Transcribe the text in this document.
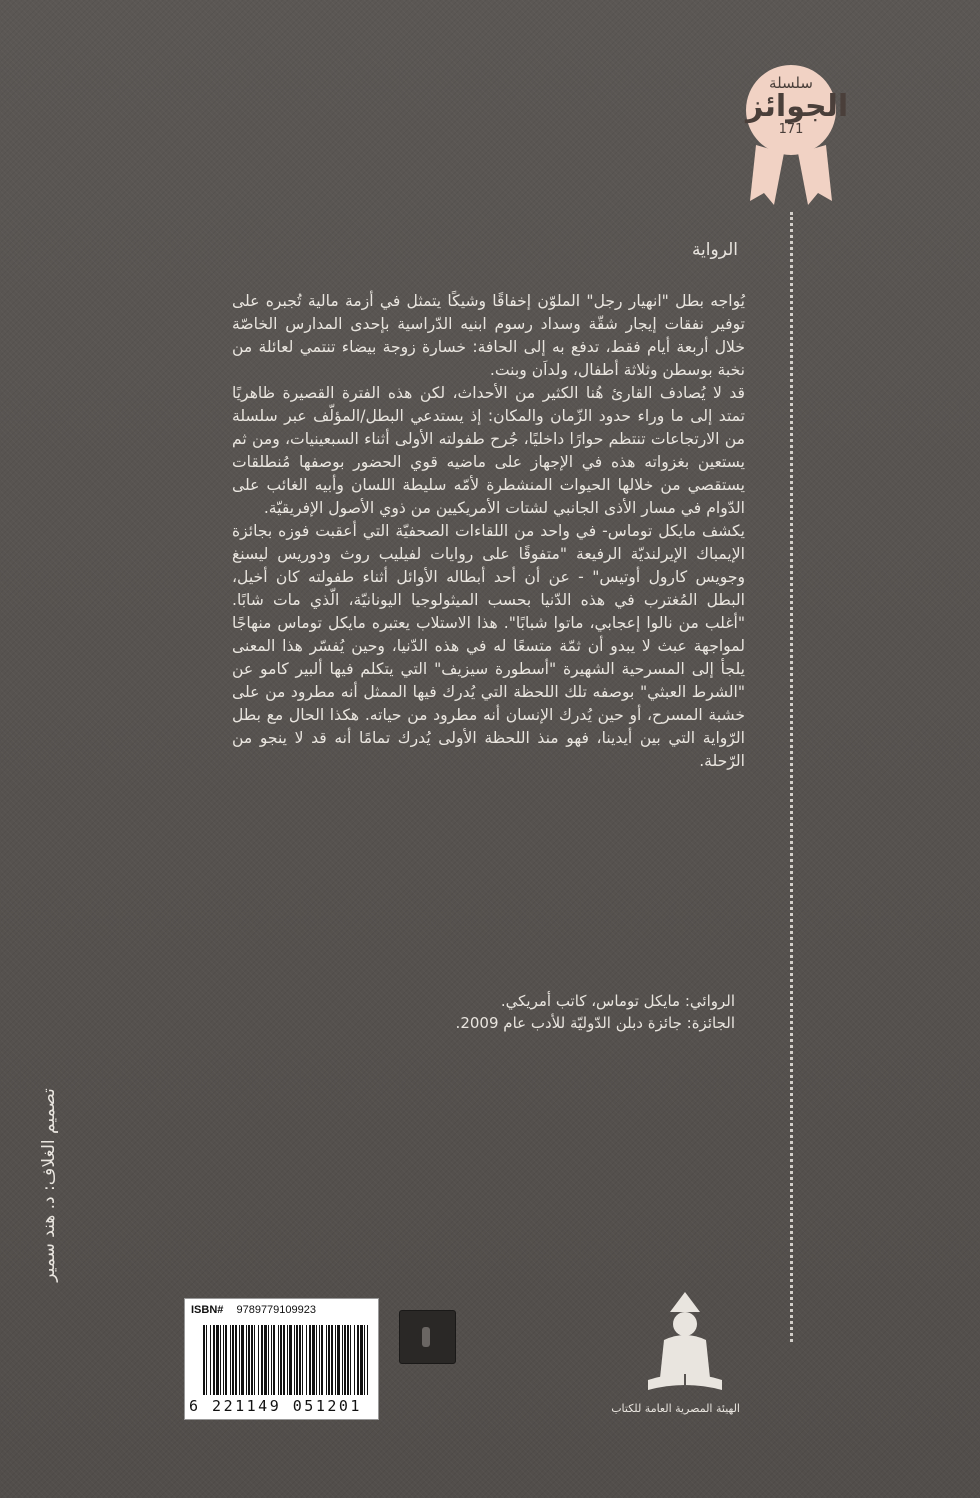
سلسلة
الجوائز
171
الرواية

يُواجه بطل "انهيار رجل" الملوّن إخفاقًا وشيكًا يتمثل في أزمة مالية تُجبره على توفير نفقات إيجار شقّة وسداد رسوم ابنيه الدّراسية بإحدى المدارس الخاصّة خلال أربعة أيام فقط، تدفع به إلى الحافة: خسارة زوجة بيضاء تنتمي لعائلة من نخبة بوسطن وثلاثة أطفال، ولداَن وبنت.

قد لا يُصادف القارئ هُنا الكثير من الأحداث، لكن هذه الفترة القصيرة ظاهريًا تمتد إلى ما وراء حدود الزّمان والمكان: إذ يستدعي البطل/المؤلّف عبر سلسلة من الارتجاعات تنتظم حوارًا داخليًا، جُرح طفولته الأولى أثناء السبعينيات، ومن ثم يستعين بغزواته هذه في الإجهاز على ماضيه قوي الحضور بوصفها مُنطلقات يستقصي من خلالها الحيوات المنشطرة لأمّه سليطة اللسان وأبيه الغائب على الدّوام في مسار الأذى الجانبي لشتات الأمريكيين من ذوي الأصول الإفريقيّة.

يكشف مايكل توماس- في واحد من اللقاءات الصحفيّة التي أعقبت فوزه بجائزة الإيمباك الإيرلنديّة الرفيعة "متفوقًا على روايات لفيليب روث ودوريس ليسنغ وجويس كارول أوتيس" - عن أن أحد أبطاله الأوائل أثناء طفولته كان أخيل، البطل المُغترب في هذه الدّنيا بحسب الميثولوجيا اليونانيّة، الّذي مات شابًا. "أغلب من نالوا إعجابي، ماتوا شبابًا". هذا الاستلاب يعتبره مايكل توماس منهاجًا لمواجهة عبث لا يبدو أن ثمّة متسعًا له في هذه الدّنيا، وحين يُفسّر هذا المعنى يلجأ إلى المسرحية الشهيرة "أسطورة سيزيف" التي يتكلم فيها ألبير كامو عن "الشرط العبثي" بوصفه تلك اللحظة التي يُدرك فيها الممثل أنه مطرود من على خشبة المسرح، أو حين يُدرك الإنسان أنه مطرود من حياته. هكذا الحال مع بطل الرّواية التي بين أيدينا، فهو منذ اللحظة الأولى يُدرك تمامًا أنه قد لا ينجو من الرّحلة.

الروائي: مايكل توماس، كاتب أمريكي.

الجائزة: جائزة دبلن الدّوليّة للأدب عام 2009.

تصميم الغلاف: د. هند سمير
ISBN# 9789779109923
6 221149 051201	الهيئة المصرية العامة للكتاب
